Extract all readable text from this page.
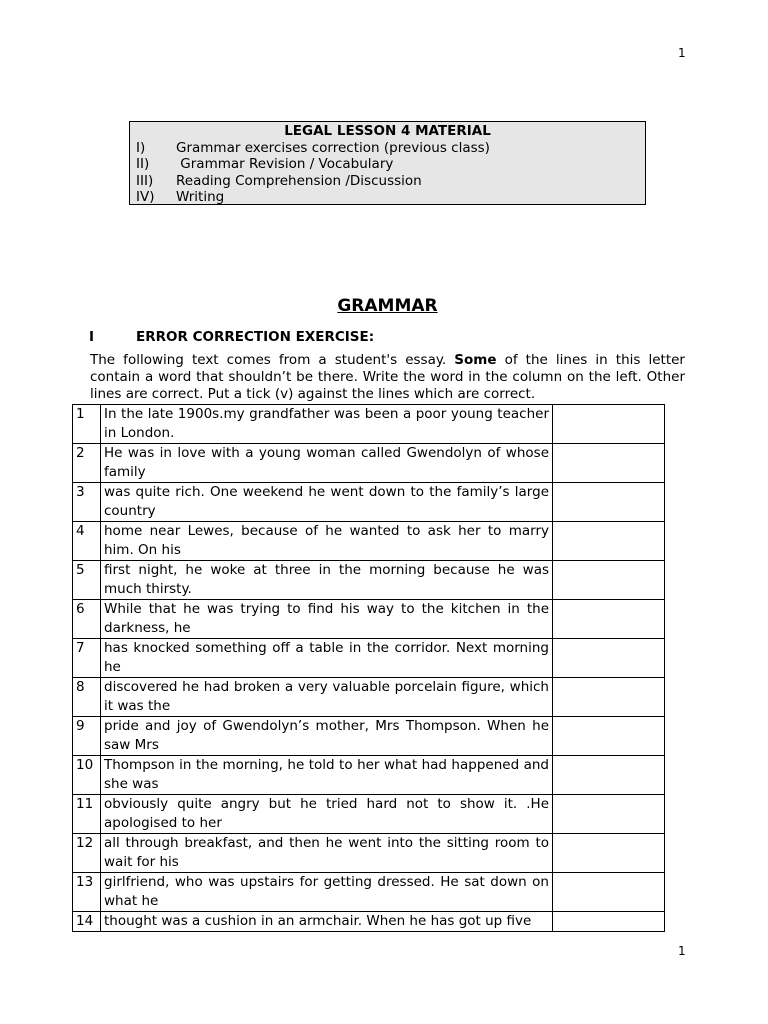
1
LEGAL LESSON 4 MATERIAL
I) Grammar exercises correction (previous class)
II) Grammar Revision / Vocabulary
III) Reading Comprehension /Discussion
IV) Writing
GRAMMAR
I	ERROR CORRECTION EXERCISE:

The following text comes from a student's essay. Some of the lines in this letter contain a word that shouldn’t be there. Write the word in the column on the left. Other lines are correct. Put a tick (v) against the lines which are correct.

1	In the late 1900s.my grandfather was been a poor young teacher in London.	
2	He was in love with a young woman called Gwendolyn of whose family	
3	was quite rich. One weekend he went down to the family’s large country	
4	home near Lewes, because of he wanted to ask her to marry him. On his	
5	first night, he woke at three in the morning because he was much thirsty.	
6	While that he was trying to find his way to the kitchen in the darkness, he	
7	has knocked something off a table in the corridor. Next morning he	
8	discovered he had broken a very valuable porcelain figure, which it was the	
9	pride and joy of Gwendolyn’s mother, Mrs Thompson. When he saw Mrs	
10	Thompson in the morning, he told to her what had happened and she was	
11	obviously quite angry but he tried hard not to show it. .He apologised to her	
12	all through breakfast, and then he went into the sitting room to wait for his	
13	girlfriend, who was upstairs for getting dressed. He sat down on what he	
14	thought was a cushion in an armchair. When he has got up five	
1
